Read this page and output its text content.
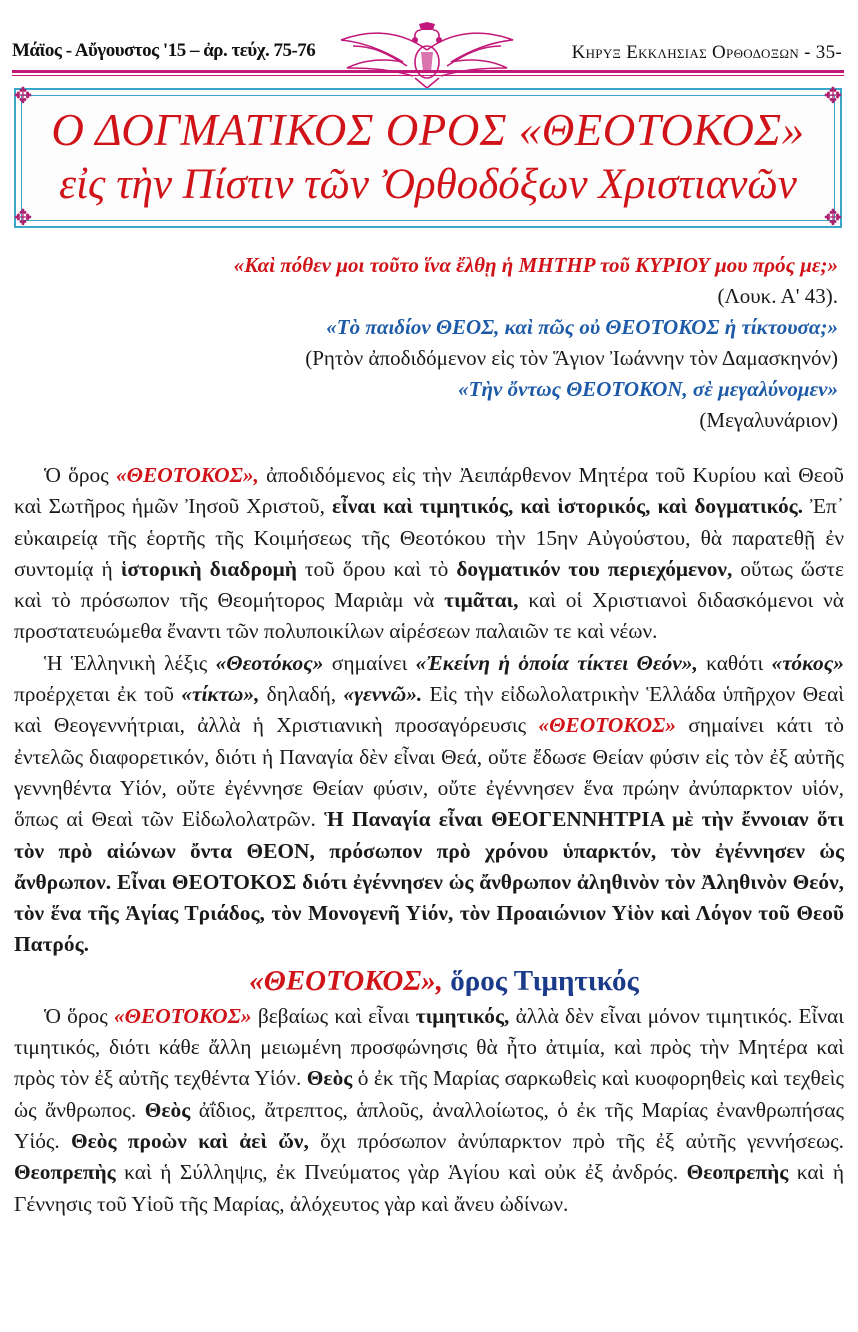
Μάϊος - Αὔγουστος '15 – ἀρ. τεύχ. 75-76	Κηρυξ Εκκλησιας Ορθοδοξων - 35-
✥	✥
✥	✥
Ο ΔΟΓΜΑΤΙΚΟΣ ΟΡΟΣ «ΘΕΟΤΟΚΟΣ»
εἰς τὴν Πίστιν τῶν Ὀρθοδόξων Χριστιανῶν
«Καὶ πόθεν μοι τοῦτο ἵνα ἔλθῃ ἡ ΜΗΤΗΡ τοῦ ΚΥΡΙΟΥ μου πρός με;»
(Λουκ. Α' 43).
«Τὸ παιδίον ΘΕΟΣ, καὶ πῶς οὐ ΘΕΟΤΟΚΟΣ ἡ τίκτουσα;»
(Ρητὸν ἀποδιδόμενον εἰς τὸν Ἅγιον Ἰωάννην τὸν Δαμασκηνόν)
«Τὴν ὄντως ΘΕΟΤΟΚΟΝ, σὲ μεγαλύνομεν»
(Μεγαλυνάριον)

Ὁ ὅρος «ΘΕΟΤΟΚΟΣ», ἀποδιδόμενος εἰς τὴν Ἀειπάρθενον Μητέρα τοῦ Κυρίου καὶ Θεοῦ καὶ Σωτῆρος ἡμῶν Ἰησοῦ Χριστοῦ, εἶναι καὶ τιμητικός, καὶ ἱστορικός, καὶ δογματικός. Ἐπ᾽ εὐκαιρείᾳ τῆς ἑορτῆς τῆς Κοιμήσεως τῆς Θεοτόκου τὴν 15ην Αὐγούστου, θὰ παρατεθῇ ἐν συντομίᾳ ἡ ἱστορικὴ διαδρομὴ τοῦ ὅρου καὶ τὸ δογματικόν του περιεχόμενον, οὕτως ὥστε καὶ τὸ πρόσωπον τῆς Θεομήτορος Μαριὰμ νὰ τιμᾶται, καὶ οἱ Χριστιανοὶ διδασκόμενοι νὰ προστατευώμεθα ἔναντι τῶν πολυποικίλων αἱρέσεων παλαιῶν τε καὶ νέων.

Ἡ Ἑλληνικὴ λέξις «Θεοτόκος» σημαίνει «Ἐκείνη ἡ ὁποία τίκτει Θεόν», καθότι «τόκος» προέρχεται ἐκ τοῦ «τίκτω», δηλαδή, «γεννῶ». Εἰς τὴν εἰδωλολατρικὴν Ἑλλάδα ὑπῆρχον Θεαὶ καὶ Θεογεννήτριαι, ἀλλὰ ἡ Χριστιανικὴ προσαγόρευσις «ΘΕΟΤΟΚΟΣ» σημαίνει κάτι τὸ ἐντελῶς διαφορετικόν, διότι ἡ Παναγία δὲν εἶναι Θεά, οὔτε ἔδωσε Θείαν φύσιν εἰς τὸν ἐξ αὐτῆς γεννηθέντα Υἱόν, οὔτε ἐγέννησε Θείαν φύσιν, οὔτε ἐγέννησεν ἕνα πρώην ἀνύπαρκτον υἱόν, ὅπως αἱ Θεαὶ τῶν Εἰδωλολατρῶν. Ἡ Παναγία εἶναι ΘΕΟΓΕΝΝΗΤΡΙΑ μὲ τὴν ἔννοιαν ὅτι τὸν πρὸ αἰώνων ὄντα ΘΕΟΝ, πρόσωπον πρὸ χρόνου ὑπαρκτόν, τὸν ἐγέννησεν ὡς ἄνθρωπον. Εἶναι ΘΕΟΤΟΚΟΣ διότι ἐγέννησεν ὡς ἄνθρωπον ἀληθινὸν τὸν Ἀληθινὸν Θεόν, τὸν ἕνα τῆς Ἁγίας Τριάδος, τὸν Μονογενῆ Υἱόν, τὸν Προαιώνιον Υἱὸν καὶ Λόγον τοῦ Θεοῦ Πατρός.

«ΘΕΟΤΟΚΟΣ», ὅρος Τιμητικός

Ὁ ὅρος «ΘΕΟΤΟΚΟΣ» βεβαίως καὶ εἶναι τιμητικός, ἀλλὰ δὲν εἶναι μόνον τιμητικός. Εἶναι τιμητικός, διότι κάθε ἄλλη μειωμένη προσφώνησις θὰ ἦτο ἀτιμία, καὶ πρὸς τὴν Μητέρα καὶ πρὸς τὸν ἐξ αὐτῆς τεχθέντα Υἱόν. Θεὸς ὁ ἐκ τῆς Μαρίας σαρκωθεὶς καὶ κυοφορηθεὶς καὶ τεχθεὶς ὡς ἄνθρωπος. Θεὸς ἀΐδιος, ἄτρεπτος, ἁπλοῦς, ἀναλλοίωτος, ὁ ἐκ τῆς Μαρίας ἐνανθρωπήσας Υἱός. Θεὸς προὼν καὶ ἀεὶ ὤν, ὄχι πρόσωπον ἀνύπαρκτον πρὸ τῆς ἐξ αὐτῆς γεννήσεως. Θεοπρεπὴς καὶ ἡ Σύλληψις, ἐκ Πνεύματος γὰρ Ἁγίου καὶ οὐκ ἐξ ἀνδρός. Θεοπρεπὴς καὶ ἡ Γέννησις τοῦ Υἱοῦ τῆς Μαρίας, ἀλόχευτος γὰρ καὶ ἄνευ ὠδίνων.
